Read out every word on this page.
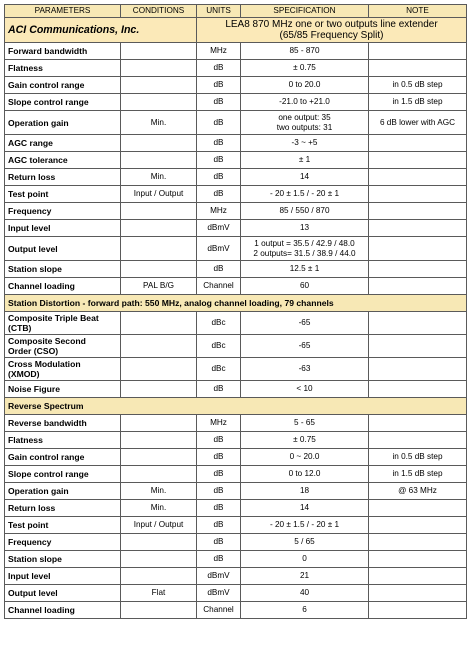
ACI Communications, Inc.		LEA8 870 MHz one or two outputs line extender
(65/85 Frequency Split)		

PARAMETERS	CONDITIONS	UNITS	SPECIFICATION	NOTE
Forward bandwidth		MHz	85 - 870	
Flatness		dB	± 0.75	
Gain control range		dB	0 to 20.0	in 0.5 dB step
Slope control range		dB	-21.0 to +21.0	in 1.5 dB step
Operation gain	Min.	dB	one output: 35
two outputs: 31	6 dB lower with AGC
AGC range		dB	-3 ~ +5	
AGC tolerance		dB	± 1	
Return loss	Min.	dB	14	
Test point	Input / Output	dB	- 20 ± 1.5 / - 20 ± 1	
Frequency		MHz	85 / 550 / 870	
Input level		dBmV	13	
Output level		dBmV	1 output = 35.5 / 42.9 / 48.0
2 outputs= 31.5 / 38.9 / 44.0	

Station slope		dB	12.5 ± 1	
Channel loading	PAL B/G	Channel	60	
Station Distortion - forward path: 550 MHz, analog channel loading, 79 channels				

Composite Triple Beat
(CTB)		dBc	-65	

Composite Second
Order (CSO)		dBc	-65	

Cross Modulation
(XMOD)		dBc	-63	
Noise Figure		dB	< 10	
Reverse Spectrum				
Reverse bandwidth		MHz	5 - 65	
Flatness		dB	± 0.75	
Gain control range		dB	0 ~ 20.0	in 0.5 dB step
Slope control range		dB	0 to 12.0	in 1.5 dB step
Operation gain	Min.	dB	18	@ 63 MHz
Return loss	Min.	dB	14	
Test point	Input / Output	dB	- 20 ± 1.5 / - 20 ± 1	
Frequency		dB	5 / 65	
Station slope		dB	0	
Input level		dBmV	21	
Output level	Flat	dBmV	40	
Channel loading		Channel	6	
